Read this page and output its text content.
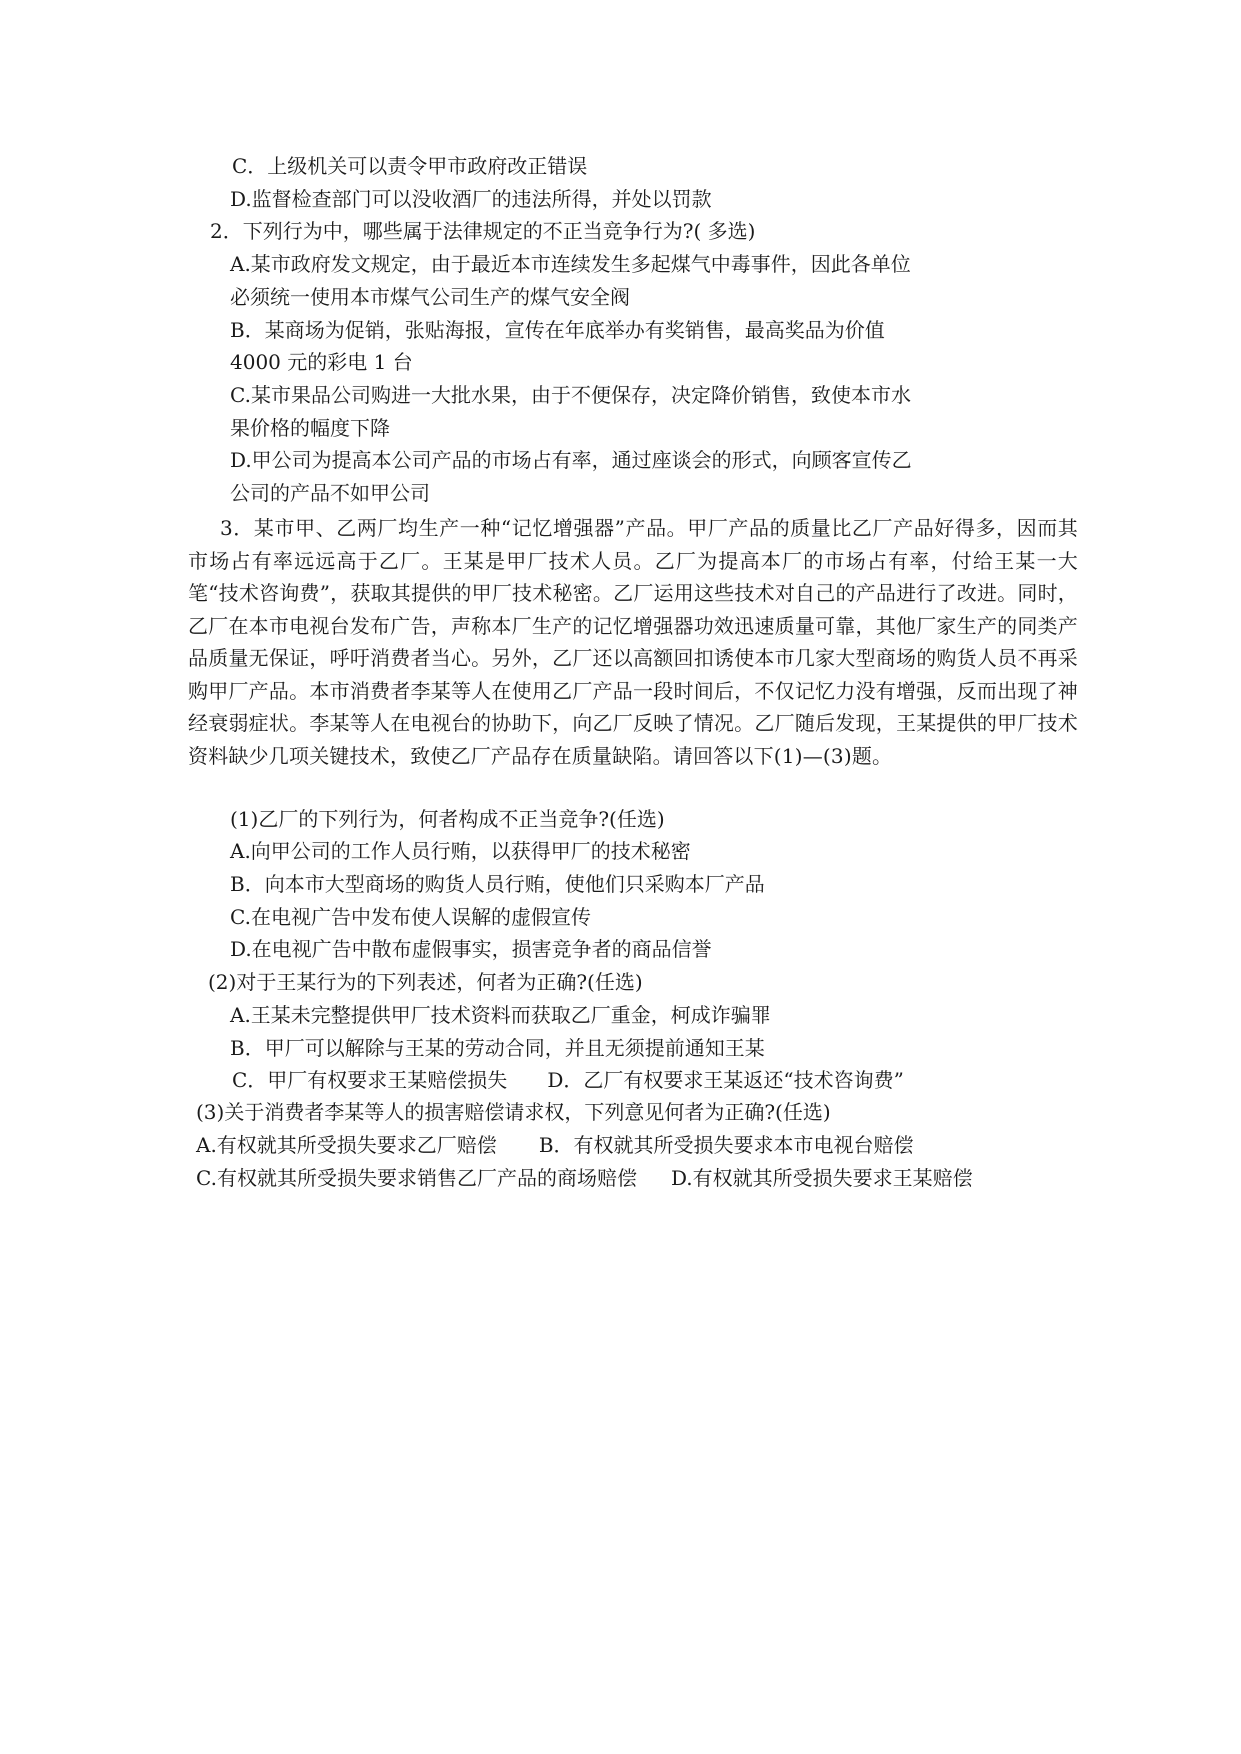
C．上级机关可以责令甲市政府改正错误
D.监督检查部门可以没收酒厂的违法所得，并处以罚款
2．下列行为中，哪些属于法律规定的不正当竞争行为?( 多选)
A.某市政府发文规定，由于最近本市连续发生多起煤气中毒事件，因此各单位
必须统一使用本市煤气公司生产的煤气安全阀
B．某商场为促销，张贴海报，宣传在年底举办有奖销售，最高奖品为价值
4000 元的彩电 1 台
C.某市果品公司购进一大批水果，由于不便保存，决定降价销售，致使本市水
果价格的幅度下降
D.甲公司为提高本公司产品的市场占有率，通过座谈会的形式，向顾客宣传乙
公司的产品不如甲公司
3．某市甲、乙两厂均生产一种“记忆增强器”产品。甲厂产品的质量比乙厂产品好得多，因而其市场占有率远远高于乙厂。王某是甲厂技术人员。乙厂为提高本厂的市场占有率，付给王某一大笔“技术咨询费”，获取其提供的甲厂技术秘密。乙厂运用这些技术对自己的产品进行了改进。同时，乙厂在本市电视台发布广告，声称本厂生产的记忆增强器功效迅速质量可靠，其他厂家生产的同类产品质量无保证，呼吁消费者当心。另外，乙厂还以高额回扣诱使本市几家大型商场的购货人员不再采购甲厂产品。本市消费者李某等人在使用乙厂产品一段时间后，不仅记忆力没有增强，反而出现了神经衰弱症状。李某等人在电视台的协助下，向乙厂反映了情况。乙厂随后发现，王某提供的甲厂技术资料缺少几项关键技术，致使乙厂产品存在质量缺陷。请回答以下(1)—(3)题。
(1)乙厂的下列行为，何者构成不正当竞争?(任选)
A.向甲公司的工作人员行贿，以获得甲厂的技术秘密
B．向本市大型商场的购货人员行贿，使他们只采购本厂产品
C.在电视广告中发布使人误解的虚假宣传
D.在电视广告中散布虚假事实，损害竞争者的商品信誉
(2)对于王某行为的下列表述，何者为正确?(任选)
A.王某未完整提供甲厂技术资料而获取乙厂重金，柯成诈骗罪
B．甲厂可以解除与王某的劳动合同，并且无须提前通知王某
C．甲厂有权要求王某赔偿损失 D．乙厂有权要求王某返还“技术咨询费”
(3)关于消费者李某等人的损害赔偿请求权，下列意见何者为正确?(任选)
A.有权就其所受损失要求乙厂赔偿 B．有权就其所受损失要求本市电视台赔偿
C.有权就其所受损失要求销售乙厂产品的商场赔偿 D.有权就其所受损失要求王某赔偿
